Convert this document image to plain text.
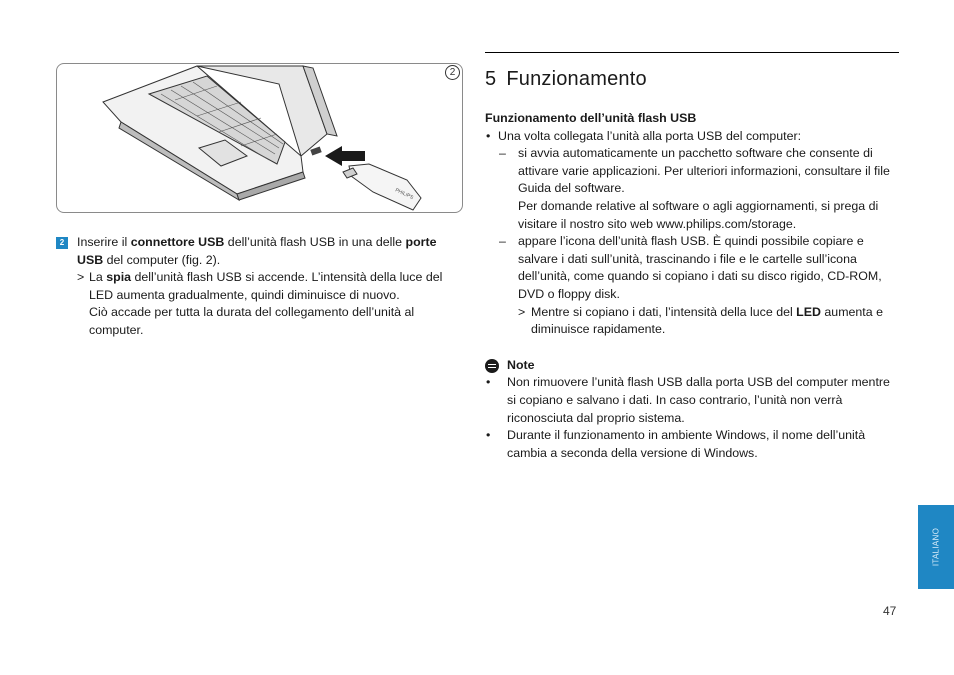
PHILIPS
2
2	Inserire il connettore USB dell’unità flash USB in una delle porte USB del computer (fig. 2).
> La spia dell’unità flash USB si accende. L’intensità della luce del LED aumenta gradualmente, quindi diminuisce di nuovo.
Ciò accade per tutta la durata del collegamento dell’unità al computer.
5 Funzionamento
Funzionamento dell’unità flash USB
• Una volta collegata l’unità alla porta USB del computer:
– si avvia automaticamente un pacchetto software che consente di attivare varie applicazioni. Per ulteriori informazioni, consultare il file Guida del software.
Per domande relative al software o agli aggiornamenti, si prega di visitare il nostro sito web www.philips.com/storage.
– appare l’icona dell’unità flash USB. È quindi possibile copiare e salvare i dati sull’unità, trascinando i file e le cartelle sull’icona dell’unità, come quando si copiano i dati su disco rigido, CD-ROM, DVD o floppy disk.
> Mentre si copiano i dati, l’intensità della luce del LED aumenta e diminuisce rapidamente.
Note
• Non rimuovere l’unità flash USB dalla porta USB del computer mentre si copiano e salvano i dati. In caso contrario, l’unità non verrà riconosciuta dal proprio sistema.
• Durante il funzionamento in ambiente Windows, il nome dell’unità cambia a seconda della versione di Windows.
ITALIANO
47
